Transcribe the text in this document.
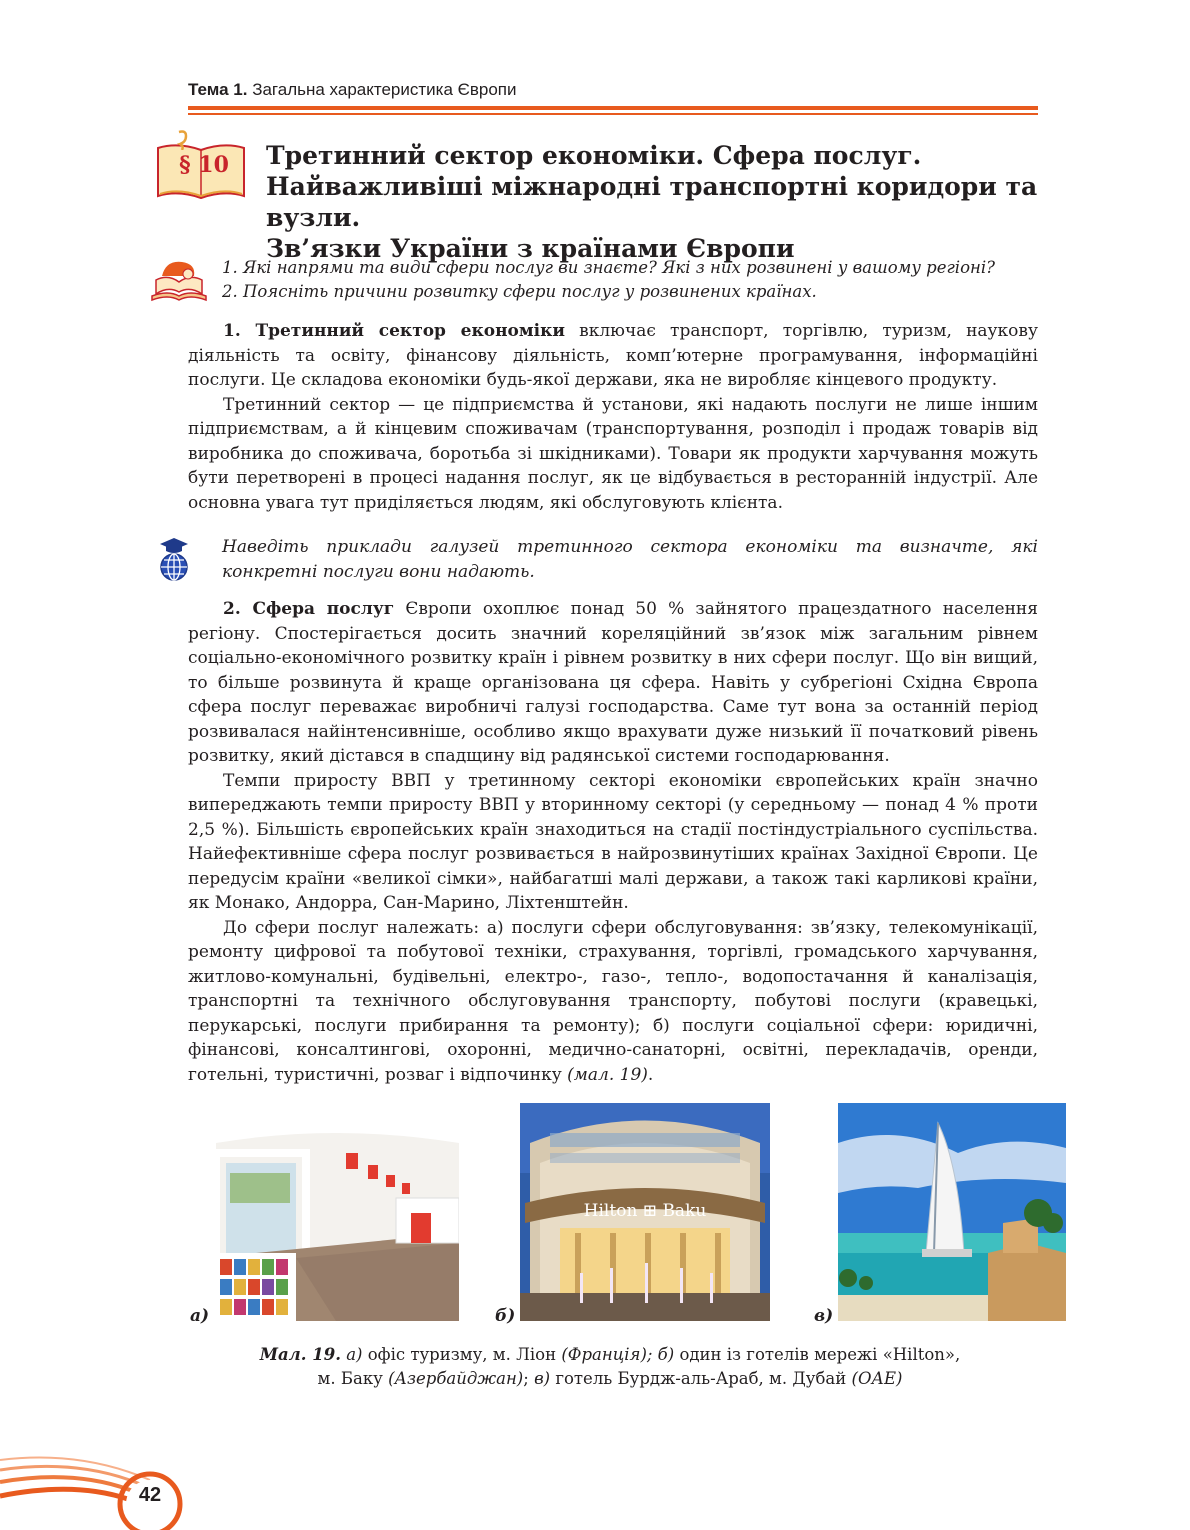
Тема 1. Загальна характеристика Європи
§ 10 Третинний сектор економіки. Сфера послуг.
Найважливіші міжнародні транспортні коридори та вузли.
Зв’язки України з країнами Європи
1. Які напрями та види сфери послуг ви знаєте? Які з них розвинені у вашому регіоні?
2. Поясніть причини розвитку сфери послуг у розвинених країнах.

1. Третинний сектор економіки включає транспорт, торгівлю, туризм, наукову діяльність та освіту, фінансову діяльність, комп’ютерне програмування, інформаційні послуги. Це складова економіки будь-якої держави, яка не виробляє кінцевого продукту.

Третинний сектор — це підприємства й установи, які надають послуги не лише іншим підприємствам, а й кінцевим споживачам (транспортування, розподіл і продаж товарів від виробника до споживача, боротьба зі шкідниками). Товари як продукти харчування можуть бути перетворені в процесі надання послуг, як це відбувається в ресторанній індустрії. Але основна увага тут приділяється людям, які обслуговують клієнта.

Наведіть приклади галузей третинного сектора економіки та визначте, які конкретні послуги вони надають.

2. Сфера послуг Європи охоплює понад 50 % зайнятого працездатного населення регіону. Спостерігається досить значний кореляційний зв’язок між загальним рівнем соціально-економічного розвитку країн і рівнем розвитку в них сфери послуг. Що він вищий, то більше розвинута й краще організована ця сфера. Навіть у субрегіоні Східна Європа сфера послуг переважає виробничі галузі господарства. Саме тут вона за останній період розвивалася найінтенсивніше, особливо якщо врахувати дуже низький її початковий рівень розвитку, який дістався в спадщину від радянської системи господарювання.

Темпи приросту ВВП у третинному секторі економіки європейських країн значно випереджають темпи приросту ВВП у вторинному секторі (у середньому — понад 4 % проти 2,5 %). Більшість європейських країн знаходиться на стадії постіндустріального суспільства. Найефективніше сфера послуг розвивається в найрозвинутіших країнах Західної Європи. Це передусім країни «великої сімки», найбагатші малі держави, а також такі карликові країни, як Монако, Андорра, Сан-Марино, Ліхтенштейн.

До сфери послуг належать: а) послуги сфери обслуговування: зв’язку, телекомунікації, ремонту цифрової та побутової техніки, страхування, торгівлі, громадського харчування, житлово-комунальні, будівельні, електро-, газо-, тепло-, водопостачання й каналізація, транспортні та технічного обслуговування транспорту, побутові послуги (кравецькі, перукарські, послуги прибирання та ремонту); б) послуги соціальної сфери: юридичні, фінансові, консалтингові, охоронні, медично-санаторні, освітні, перекладачів, оренди, готельні, туристичні, розваг і відпочинку (мал. 19).

Hilton ⊞ Baku
а)	б)	в)

Мал. 19. а) офіс туризму, м. Ліон (Франція); б) один із готелів мережі «Hilton»,
м. Баку (Азербайджан); в) готель Бурдж-аль-Араб, м. Дубай (ОАЕ)

42
